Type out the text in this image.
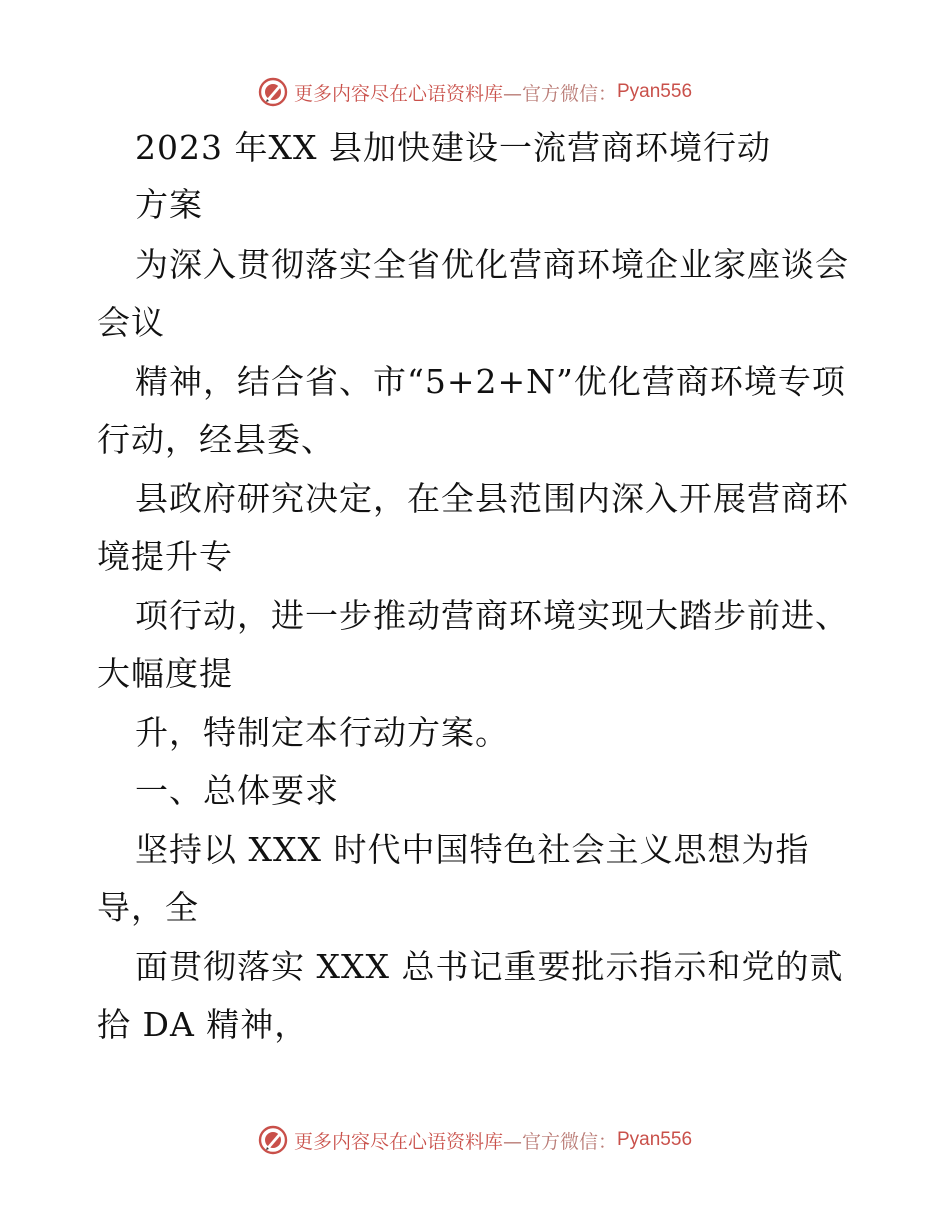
更多内容尽在心语资料库 —官方微信： Pyan556
2023 年XX 县加快建设一流营商环境行动
方案
为深入贯彻落实全省优化营商环境企业家座谈会
会议
精神，结合省、市“5+2+N”优化营商环境专项
行动，经县委、
县政府研究决定，在全县范围内深入开展营商环
境提升专
项行动，进一步推动营商环境实现大踏步前进、
大幅度提
升，特制定本行动方案。
一、总体要求
坚持以 XXX 时代中国特色社会主义思想为指
导，全
面贯彻落实 XXX 总书记重要批示指示和党的贰
拾 DA 精神，
更多内容尽在心语资料库 —官方微信： Pyan556
